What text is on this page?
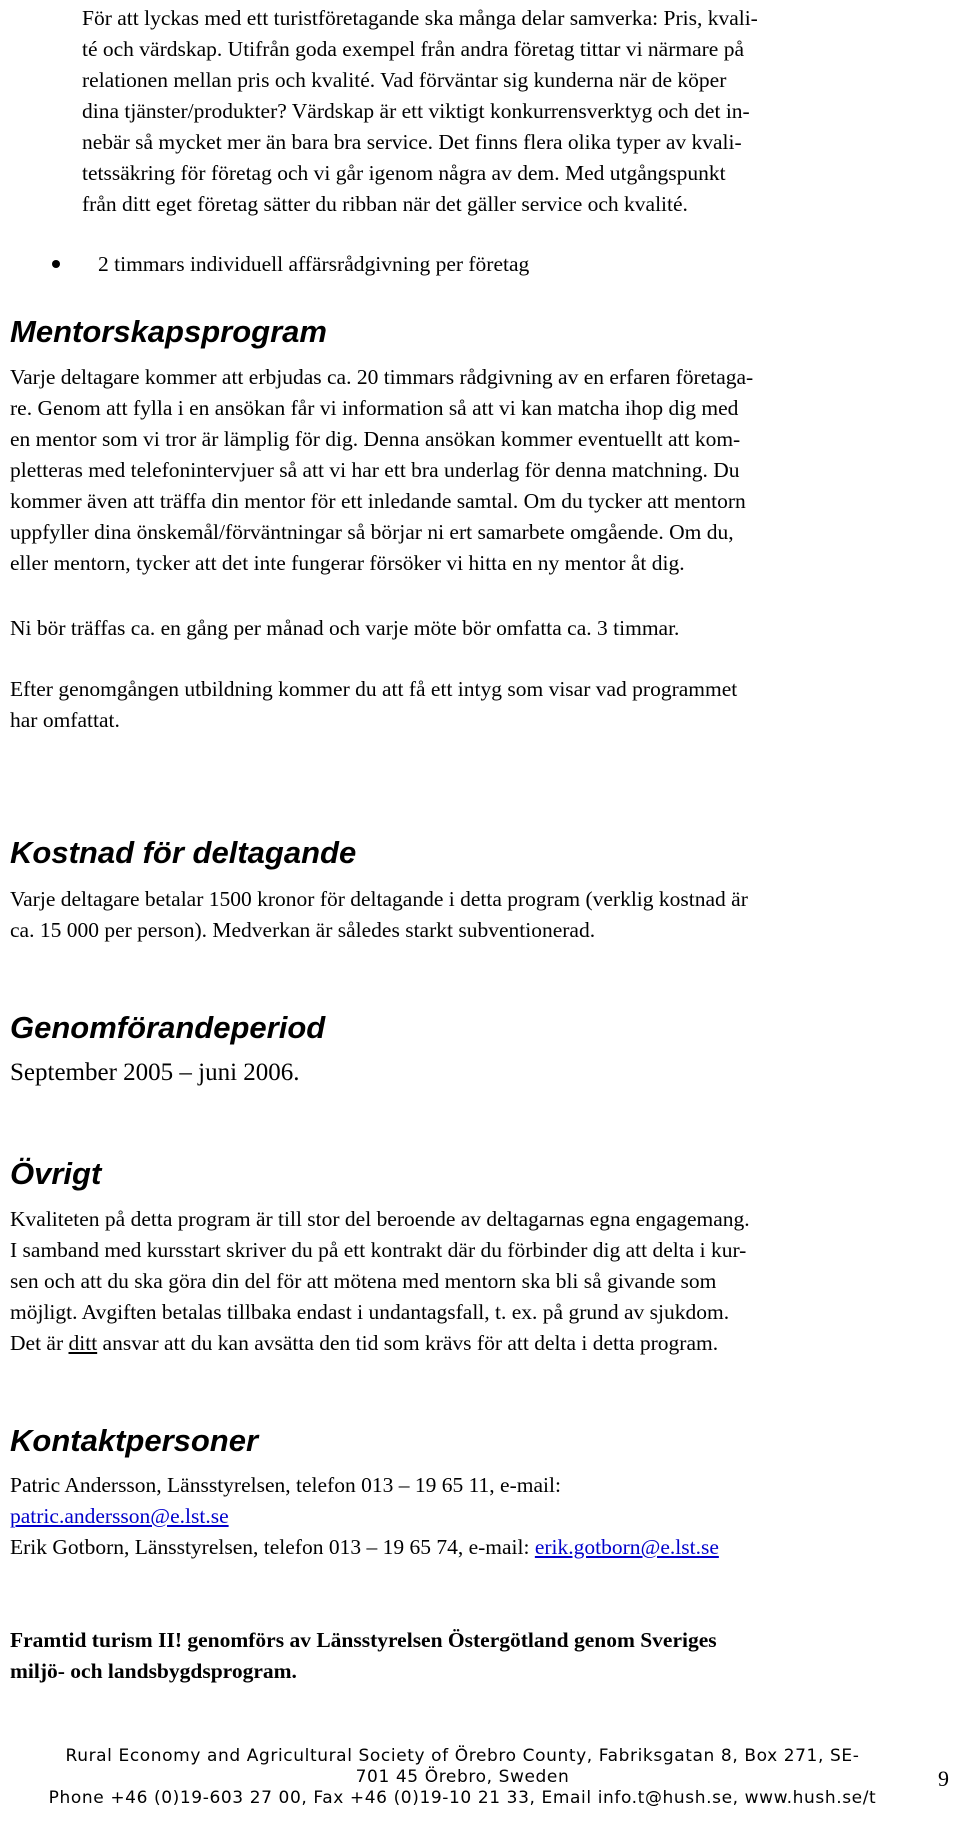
För att lyckas med ett turistföretagande ska många delar samverka: Pris, kvali-
té och värdskap. Utifrån goda exempel från andra företag tittar vi närmare på
relationen mellan pris och kvalité. Vad förväntar sig kunderna när de köper
dina tjänster/produkter? Värdskap är ett viktigt konkurrensverktyg och det in-
nebär så mycket mer än bara bra service. Det finns flera olika typer av kvali-
tetssäkring för företag och vi går igenom några av dem. Med utgångspunkt
från ditt eget företag sätter du ribban när det gäller service och kvalité.
2 timmars individuell affärsrådgivning per företag
Mentorskapsprogram
Varje deltagare kommer att erbjudas ca. 20 timmars rådgivning av en erfaren företaga-
re. Genom att fylla i en ansökan får vi information så att vi kan matcha ihop dig med
en mentor som vi tror är lämplig för dig. Denna ansökan kommer eventuellt att kom-
pletteras med telefonintervjuer så att vi har ett bra underlag för denna matchning. Du
kommer även att träffa din mentor för ett inledande samtal. Om du tycker att mentorn
uppfyller dina önskemål/förväntningar så börjar ni ert samarbete omgående. Om du,
eller mentorn, tycker att det inte fungerar försöker vi hitta en ny mentor åt dig.
Ni bör träffas ca. en gång per månad och varje möte bör omfatta ca. 3 timmar.
Efter genomgången utbildning kommer du att få ett intyg som visar vad programmet
har omfattat.
Kostnad för deltagande
Varje deltagare betalar 1500 kronor för deltagande i detta program (verklig kostnad är
ca. 15 000 per person). Medverkan är således starkt subventionerad.
Genomförandeperiod
September 2005 – juni 2006.
Övrigt
Kvaliteten på detta program är till stor del beroende av deltagarnas egna engagemang.
I samband med kursstart skriver du på ett kontrakt där du förbinder dig att delta i kur-
sen och att du ska göra din del för att mötena med mentorn ska bli så givande som
möjligt. Avgiften betalas tillbaka endast i undantagsfall, t. ex. på grund av sjukdom.
Det är ditt ansvar att du kan avsätta den tid som krävs för att delta i detta program.
Kontaktpersoner
Patric Andersson, Länsstyrelsen, telefon 013 – 19 65 11, e-mail:
patric.andersson@e.lst.se
Erik Gotborn, Länsstyrelsen, telefon 013 – 19 65 74, e-mail: erik.gotborn@e.lst.se
Framtid turism II! genomförs av Länsstyrelsen Östergötland genom Sveriges
miljö- och landsbygdsprogram.
Rural Economy and Agricultural Society of Örebro County, Fabriksgatan 8, Box 271, SE-
701 45 Örebro, Sweden
Phone +46 (0)19-603 27 00, Fax +46 (0)19-10 21 33, Email info.t@hush.se, www.hush.se/t
9
